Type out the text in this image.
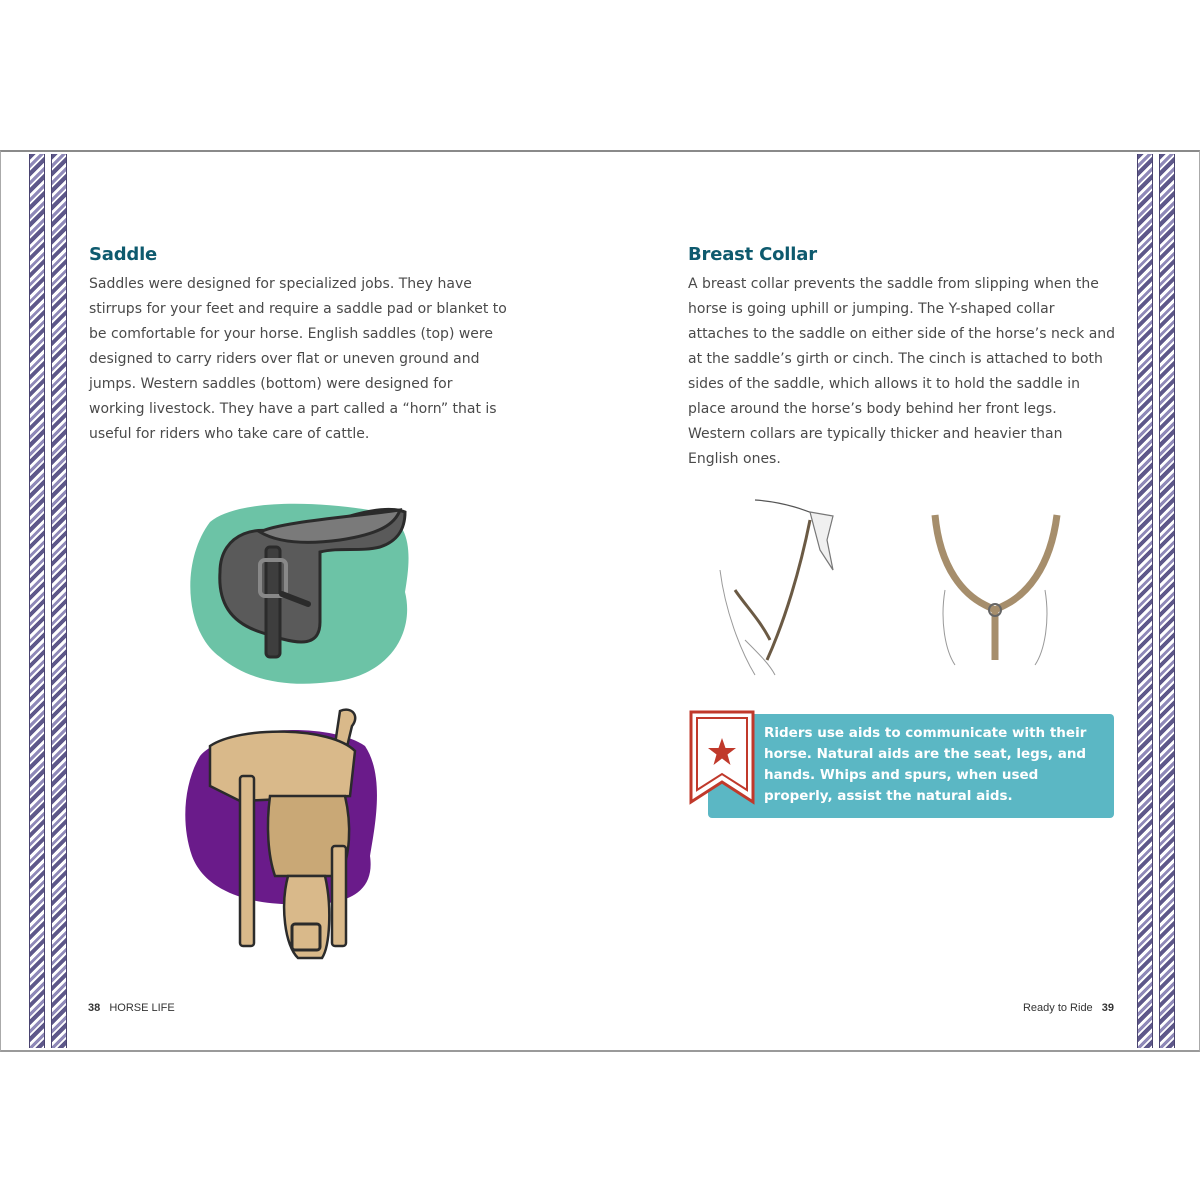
Saddle

Saddles were designed for specialized jobs. They have stirrups for your feet and require a saddle pad or blanket to be comfortable for your horse. English saddles (top) were designed to carry riders over flat or uneven ground and jumps. Western saddles (bottom) were designed for working livestock. They have a part called a “horn” that is useful for riders who take care of cattle.

38 HORSE LIFE
Breast Collar

A breast collar prevents the saddle from slipping when the horse is going uphill or jumping. The Y-shaped collar attaches to the saddle on either side of the horse’s neck and at the saddle’s girth or cinch. The cinch is attached to both sides of the saddle, which allows it to hold the saddle in place around the horse’s body behind her front legs. Western collars are typically thicker and heavier than English ones.

Riders use aids to communicate with their horse. Natural aids are the seat, legs, and hands. Whips and spurs, when used properly, assist the natural aids.

Ready to Ride 39
